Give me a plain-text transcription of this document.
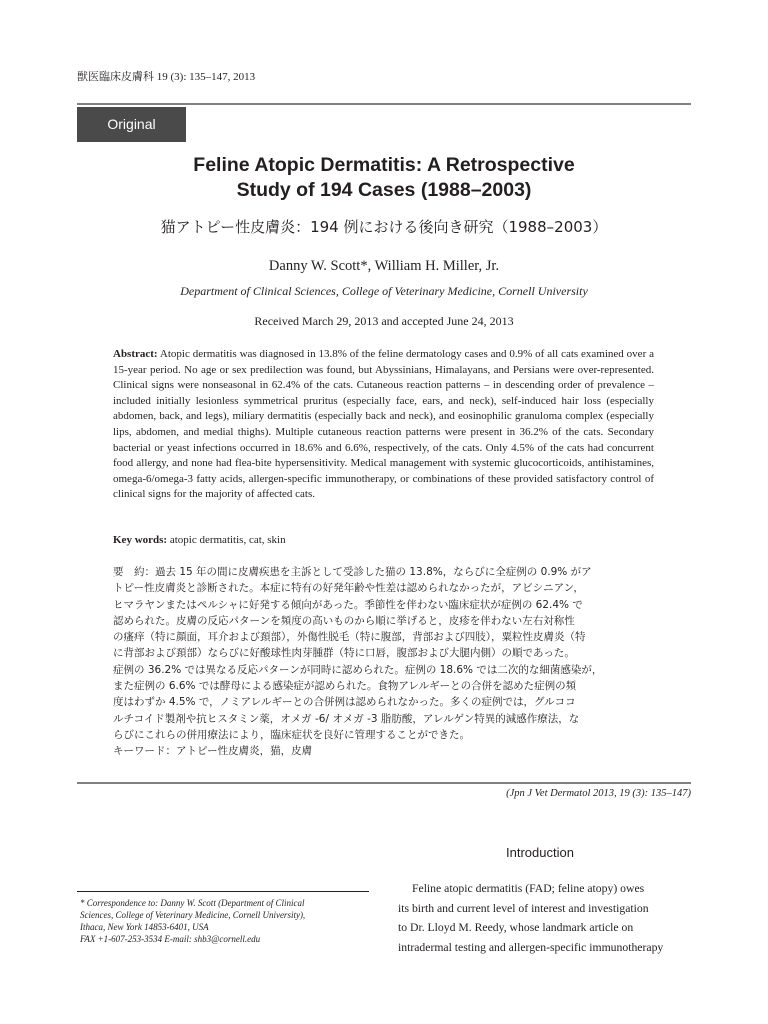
獣医臨床皮膚科 19 (3): 135–147, 2013
Original
Feline Atopic Dermatitis: A Retrospective
Study of 194 Cases (1988–2003)
猫アトピー性皮膚炎：194 例における後向き研究（1988–2003）
Danny W. Scott*, William H. Miller, Jr.
Department of Clinical Sciences, College of Veterinary Medicine, Cornell University
Received March 29, 2013 and accepted June 24, 2013
Abstract: Atopic dermatitis was diagnosed in 13.8% of the feline dermatology cases and 0.9% of all cats examined over a 15-year period. No age or sex predilection was found, but Abyssinians, Himalayans, and Persians were over-represented. Clinical signs were nonseasonal in 62.4% of the cats. Cutaneous reaction patterns – in descending order of prevalence – included initially lesionless symmetrical pruritus (especially face, ears, and neck), self-induced hair loss (especially abdomen, back, and legs), miliary dermatitis (especially back and neck), and eosinophilic granuloma complex (especially lips, abdomen, and medial thighs). Multiple cutaneous reaction patterns were present in 36.2% of the cats. Secondary bacterial or yeast infections occurred in 18.6% and 6.6%, respectively, of the cats. Only 4.5% of the cats had concurrent food allergy, and none had flea-bite hypersensitivity. Medical management with systemic glucocorticoids, antihistamines, omega-6/omega-3 fatty acids, allergen-specific immunotherapy, or combinations of these provided satisfactory control of clinical signs for the majority of affected cats.
Key words: atopic dermatitis, cat, skin
要　約：過去 15 年の間に皮膚疾患を主訴として受診した猫の 13.8%，ならびに全症例の 0.9% がア
トピー性皮膚炎と診断された。本症に特有の好発年齢や性差は認められなかったが，アビシニアン，
ヒマラヤンまたはペルシャに好発する傾向があった。季節性を伴わない臨床症状が症例の 62.4% で
認められた。皮膚の反応パターンを頻度の高いものから順に挙げると，皮疹を伴わない左右対称性
の瘙痒（特に顔面，耳介および頚部），外傷性脱毛（特に腹部，背部および四肢），粟粒性皮膚炎（特
に背部および頚部）ならびに好酸球性肉芽腫群（特に口唇，腹部および大腿内側）の順であった。
症例の 36.2% では異なる反応パターンが同時に認められた。症例の 18.6% では二次的な細菌感染が，
また症例の 6.6% では酵母による感染症が認められた。食物アレルギーとの合併を認めた症例の頻
度はわずか 4.5% で，ノミアレルギーとの合併例は認められなかった。多くの症例では，グルココ
ルチコイド製剤や抗ヒスタミン薬，オメガ -6/ オメガ -3 脂肪酸，アレルゲン特異的減感作療法，な
らびにこれらの併用療法により，臨床症状を良好に管理することができた。
キーワード：アトピー性皮膚炎，猫，皮膚
(Jpn J Vet Dermatol 2013, 19 (3): 135–147)
Introduction
* Correspondence to: Danny W. Scott (Department of Clinical
Sciences, College of Veterinary Medicine, Cornell University),
Ithaca, New York 14853-6401, USA
FAX +1-607-253-3534 E-mail: shb3@cornell.edu
Feline atopic dermatitis (FAD; feline atopy) owes
its birth and current level of interest and investigation
to Dr. Lloyd M. Reedy, whose landmark article on
intradermal testing and allergen-specific immunotherapy
